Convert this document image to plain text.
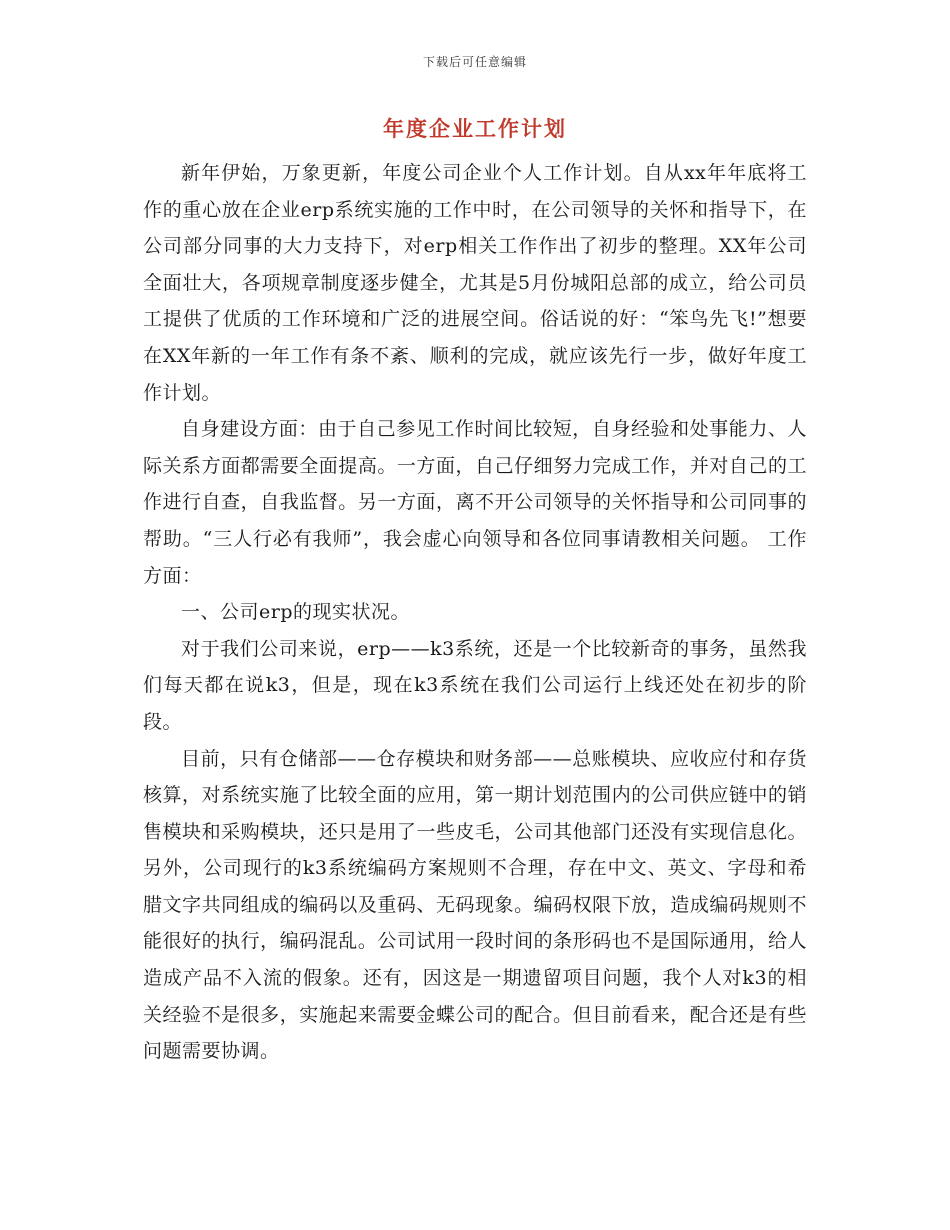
下载后可任意编辑
年度企业工作计划

新年伊始，万象更新，年度公司企业个人工作计划。自从xx年年底将工作的重心放在企业erp系统实施的工作中时，在公司领导的关怀和指导下，在公司部分同事的大力支持下，对erp相关工作作出了初步的整理。XX年公司全面壮大，各项规章制度逐步健全，尤其是5月份城阳总部的成立，给公司员工提供了优质的工作环境和广泛的进展空间。俗话说的好：“笨鸟先飞!”想要在XX年新的一年工作有条不紊、顺利的完成，就应该先行一步，做好年度工作计划。

自身建设方面：由于自己参见工作时间比较短，自身经验和处事能力、人际关系方面都需要全面提高。一方面，自己仔细努力完成工作，并对自己的工作进行自查，自我监督。另一方面，离不开公司领导的关怀指导和公司同事的帮助。“三人行必有我师”，我会虚心向领导和各位同事请教相关问题。 工作方面：

一、公司erp的现实状况。

对于我们公司来说，erp——k3系统，还是一个比较新奇的事务，虽然我们每天都在说k3，但是，现在k3系统在我们公司运行上线还处在初步的阶段。

目前，只有仓储部——仓存模块和财务部——总账模块、应收应付和存货核算，对系统实施了比较全面的应用，第一期计划范围内的公司供应链中的销售模块和采购模块，还只是用了一些皮毛，公司其他部门还没有实现信息化。另外，公司现行的k3系统编码方案规则不合理，存在中文、英文、字母和希腊文字共同组成的编码以及重码、无码现象。编码权限下放，造成编码规则不能很好的执行，编码混乱。公司试用一段时间的条形码也不是国际通用，给人造成产品不入流的假象。还有，因这是一期遗留项目问题，我个人对k3的相关经验不是很多，实施起来需要金蝶公司的配合。但目前看来，配合还是有些问题需要协调。
